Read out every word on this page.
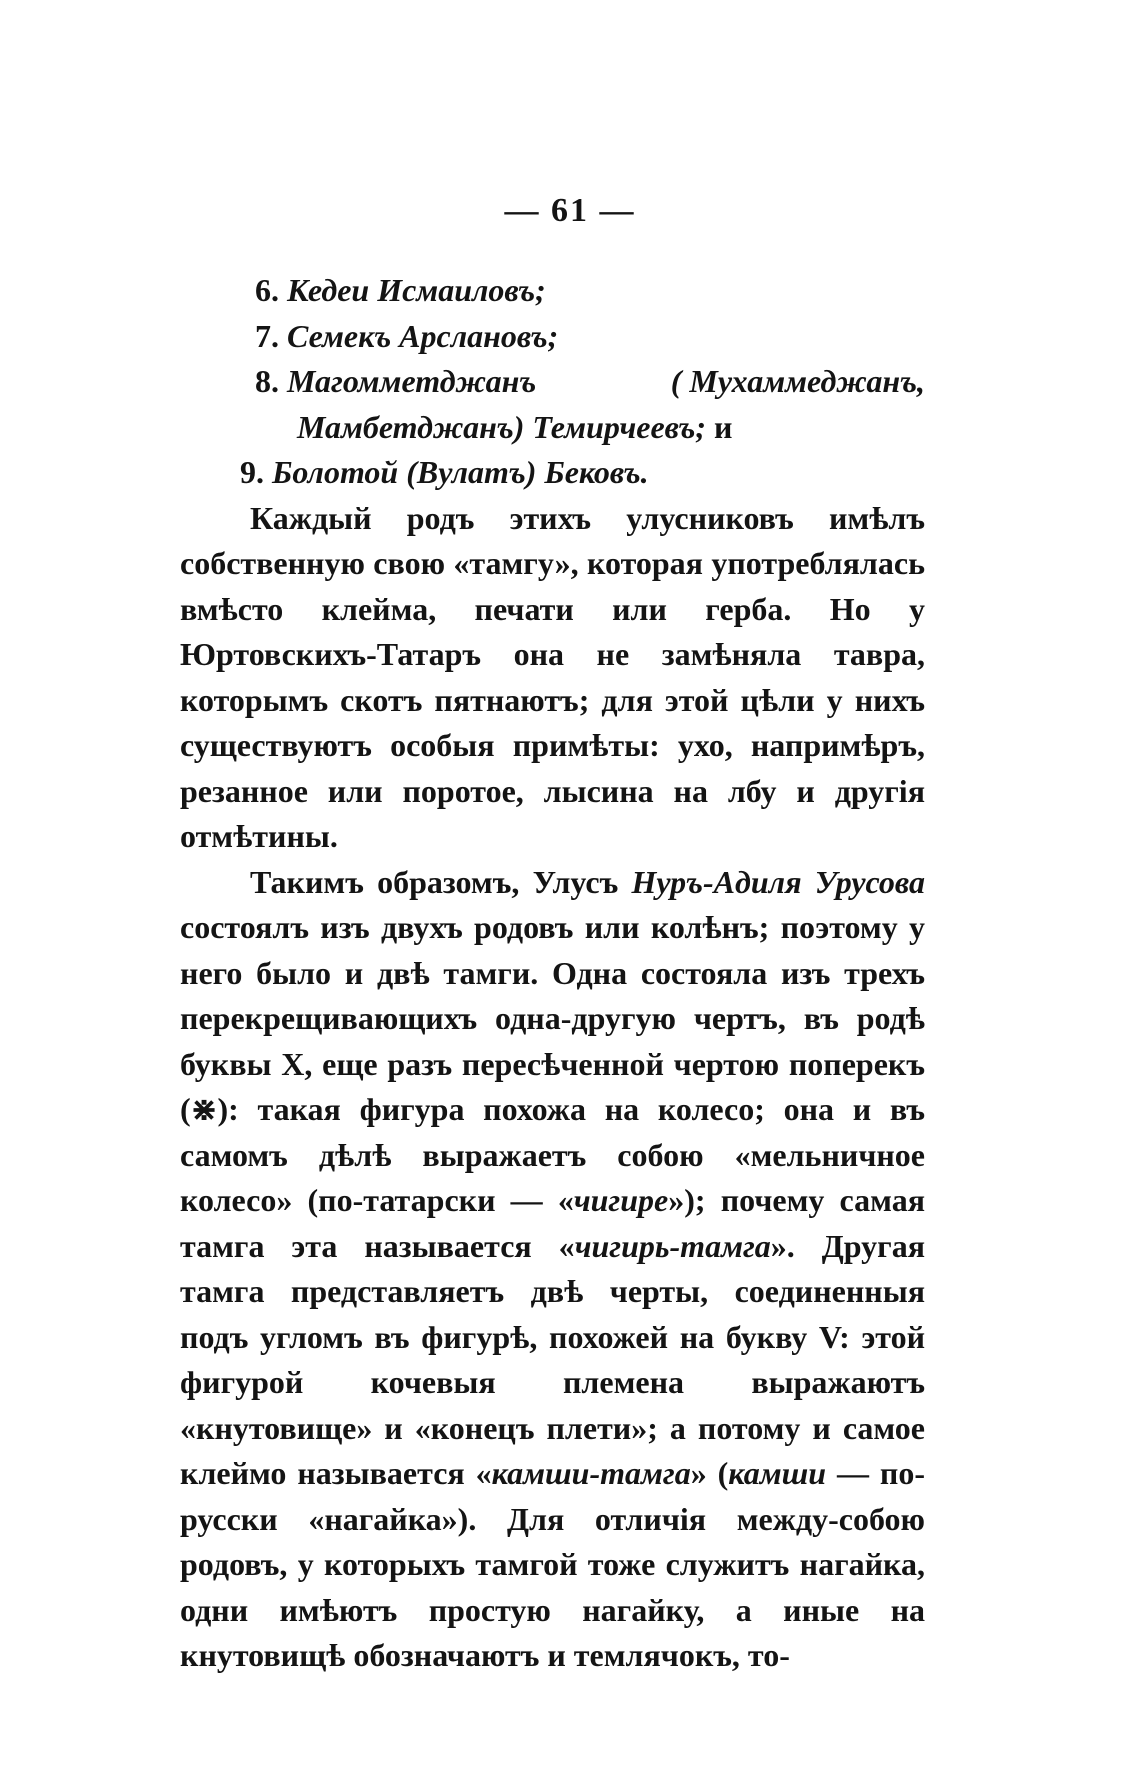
— 61 —
6. Кедеи Исмаиловъ;
7. Семекъ Арслановъ;
8. Магомметджанъ	( Мухаммеджанъ,
Мамбетджанъ) Темирчеевъ; и
9. Болотой (Вулатъ) Бековъ.

Каждый родъ этихъ улусниковъ имѣлъ собственную свою «тамгу», которая употреблялась вмѣсто клейма, печати или герба. Но у Юртовскихъ-Татаръ она не замѣняла тавра, которымъ скотъ пятнаютъ; для этой цѣли у нихъ существуютъ особыя примѣты: ухо, напримѣръ, резанное или поротое, лысина на лбу и другія отмѣтины.

Такимъ образомъ, Улусъ Нуръ-Адиля Урусова состоялъ изъ двухъ родовъ или колѣнъ; поэтому у него было и двѣ тамги. Одна состояла изъ трехъ перекрещивающихъ одна-другую чертъ, въ родѣ буквы X, еще разъ пересѣченной чертою поперекъ (⋇): такая фигура похожа на колесо; она и въ самомъ дѣлѣ выражаетъ собою «мельничное колесо» (по-татарски — «чигире»); почему самая тамга эта называется «чигирь-тамга». Другая тамга представляетъ двѣ черты, соединенныя подъ угломъ въ фигурѣ, похожей на букву V: этой фигурой кочевыя племена выражаютъ «кнутовище» и «конецъ плети»; а потому и самое клеймо называется «камши-тамга» (камши — по-русски «нагайка»). Для отличія между-собою родовъ, у которыхъ тамгой тоже служитъ нагайка, одни имѣютъ простую нагайку, а иные на кнутовищѣ обозначаютъ и темлячокъ, то-
